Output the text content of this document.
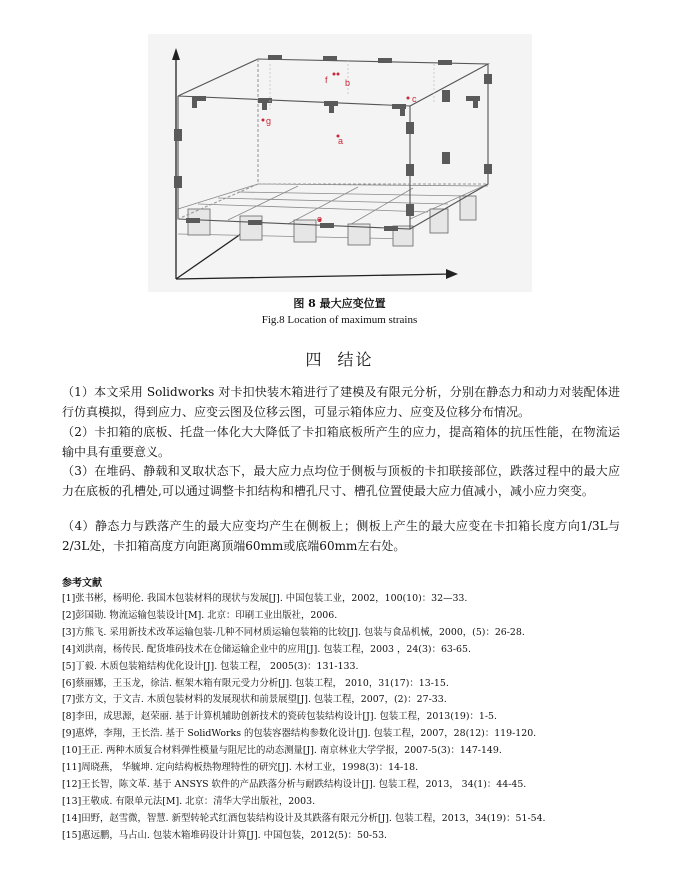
a
b
c
e
f
g
图 8 最大应变位置
Fig.8 Location of maximum strains
四 结论

（1）本文采用 Solidworks 对卡扣快装木箱进行了建模及有限元分析，分别在静态力和动力对装配体进行仿真模拟，得到应力、应变云图及位移云图，可显示箱体应力、应变及位移分布情况。

（2）卡扣箱的底板、托盘一体化大大降低了卡扣箱底板所产生的应力，提高箱体的抗压性能，在物流运输中具有重要意义。

（3）在堆码、静载和叉取状态下，最大应力点均位于侧板与顶板的卡扣联接部位，跌落过程中的最大应力在底板的孔槽处,可以通过调整卡扣结构和槽孔尺寸、槽孔位置使最大应力值减小，减小应力突变。

（4）静态力与跌落产生的最大应变均产生在侧板上；侧板上产生的最大应变在卡扣箱长度方向1/3L与2/3L处，卡扣箱高度方向距离顶端60mm或底端60mm左右处。

参考文献
[1]张书彬，杨明伦. 我国木包装材料的现状与发展[J]. 中国包装工业，2002，100(10)：32—33.
[2]彭国勋. 物流运输包装设计[M]. 北京：印刷工业出版社，2006.
[3]方熊飞. 采用新技术改革运输包装-几种不同材质运输包装箱的比较[J]. 包装与食品机械，2000，(5)：26-28.
[4]刘洪南，杨传民. 配货堆码技术在仓储运输企业中的应用[J]. 包装工程，2003 ，24(3)：63-65.
[5]丁毅. 木质包装箱结构优化设计[J]. 包装工程， 2005(3)：131-133.
[6]蔡丽娜，王玉龙，徐洁. 框架木箱有限元受力分析[J]. 包装工程， 2010，31(17)：13-15.
[7]张方文，于文吉. 木质包装材料的发展现状和前景展望[J]. 包装工程，2007，(2)：27-33.
[8]李田，成思源，赵荣丽. 基于计算机辅助创新技术的瓷砖包装结构设计[J]. 包装工程，2013(19)：1-5.
[9]惠烨，李翔，王长浩. 基于 SolidWorks 的包装容器结构参数化设计[J]. 包装工程，2007，28(12)：119-120.
[10]王正. 两种木质复合材料弹性模量与阻尼比的动态测量[J]. 南京林业大学学报，2007-5(3)：147-149.
[11]周晓燕， 华毓坤. 定向结构板热物理特性的研究[J]. 木材工业，1998(3)：14-18.
[12]王长智，陈文革. 基于 ANSYS 软件的产品跌落分析与耐跌结构设计[J]. 包装工程，2013， 34(1)：44-45.
[13]王敬成. 有限单元法[M]. 北京：清华大学出版社，2003.
[14]田野，赵雪微，智慧. 新型转轮式红酒包装结构设计及其跌落有限元分析[J]. 包装工程，2013，34(19)：51-54.
[15]惠远鹏，马占山. 包装木箱堆码设计计算[J]. 中国包装，2012(5)：50-53.
